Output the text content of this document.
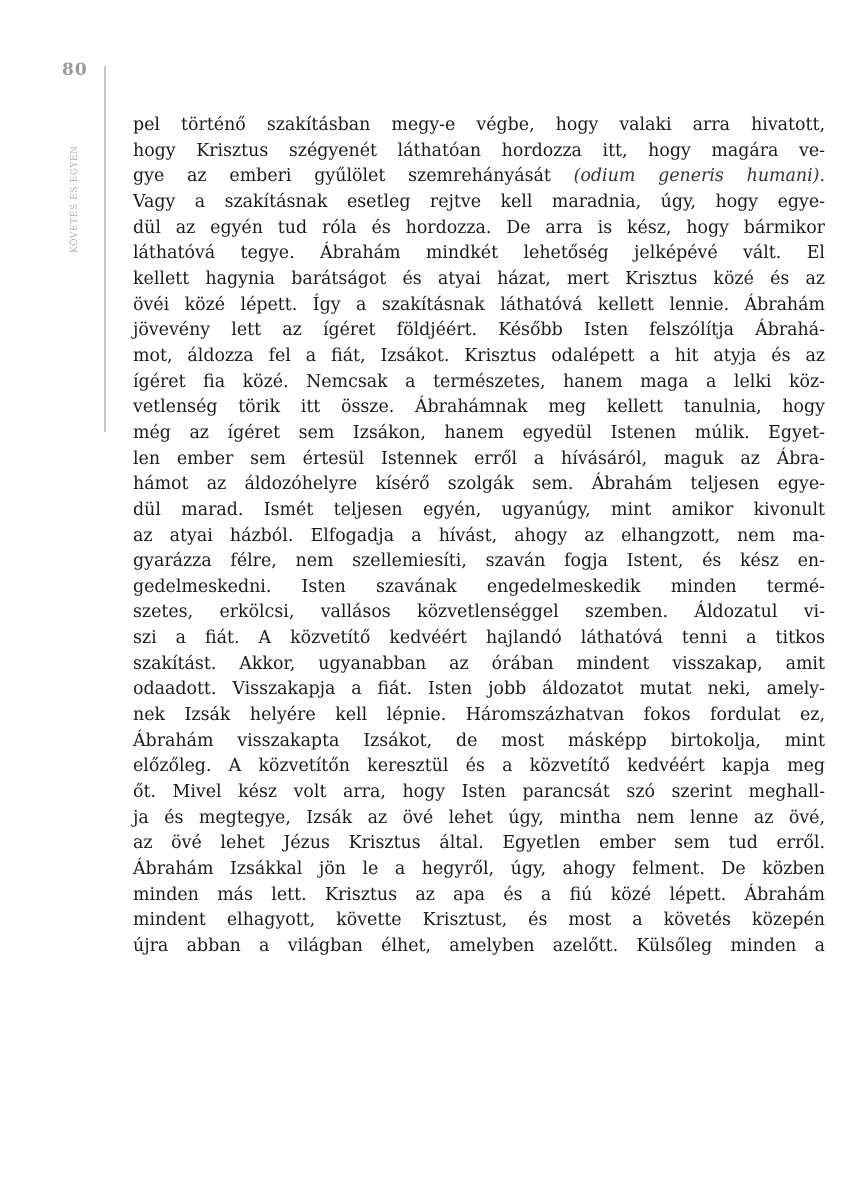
80
KÖVETÉS ÉS EGYÉN
pel történő szakításban megy-e végbe, hogy valaki arra hivatott,
hogy Krisztus szégyenét láthatóan hordozza itt, hogy magára ve-
gye az emberi gyűlölet szemrehányását (odium generis humani).
Vagy a szakításnak esetleg rejtve kell maradnia, úgy, hogy egye-
dül az egyén tud róla és hordozza. De arra is kész, hogy bármikor
láthatóvá tegye. Ábrahám mindkét lehetőség jelképévé vált. El
kellett hagynia barátságot és atyai házat, mert Krisztus közé és az
övéi közé lépett. Így a szakításnak láthatóvá kellett lennie. Ábrahám
jövevény lett az ígéret földjéért. Később Isten felszólítja Ábrahá-
mot, áldozza fel a fiát, Izsákot. Krisztus odalépett a hit atyja és az
ígéret fia közé. Nemcsak a természetes, hanem maga a lelki köz-
vetlenség törik itt össze. Ábrahámnak meg kellett tanulnia, hogy
még az ígéret sem Izsákon, hanem egyedül Istenen múlik. Egyet-
len ember sem értesül Istennek erről a hívásáról, maguk az Ábra-
hámot az áldozóhelyre kísérő szolgák sem. Ábrahám teljesen egye-
dül marad. Ismét teljesen egyén, ugyanúgy, mint amikor kivonult
az atyai házból. Elfogadja a hívást, ahogy az elhangzott, nem ma-
gyarázza félre, nem szellemiesíti, szaván fogja Istent, és kész en-
gedelmeskedni. Isten szavának engedelmeskedik minden termé-
szetes, erkölcsi, vallásos közvetlenséggel szemben. Áldozatul vi-
szi a fiát. A közvetítő kedvéért hajlandó láthatóvá tenni a titkos
szakítást. Akkor, ugyanabban az órában mindent visszakap, amit
odaadott. Visszakapja a fiát. Isten jobb áldozatot mutat neki, amely-
nek Izsák helyére kell lépnie. Háromszázhatvan fokos fordulat ez,
Ábrahám visszakapta Izsákot, de most másképp birtokolja, mint
előzőleg. A közvetítőn keresztül és a közvetítő kedvéért kapja meg
őt. Mivel kész volt arra, hogy Isten parancsát szó szerint meghall-
ja és megtegye, Izsák az övé lehet úgy, mintha nem lenne az övé,
az övé lehet Jézus Krisztus által. Egyetlen ember sem tud erről.
Ábrahám Izsákkal jön le a hegyről, úgy, ahogy felment. De közben
minden más lett. Krisztus az apa és a fiú közé lépett. Ábrahám
mindent elhagyott, követte Krisztust, és most a követés közepén
újra abban a világban élhet, amelyben azelőtt. Külsőleg minden a
